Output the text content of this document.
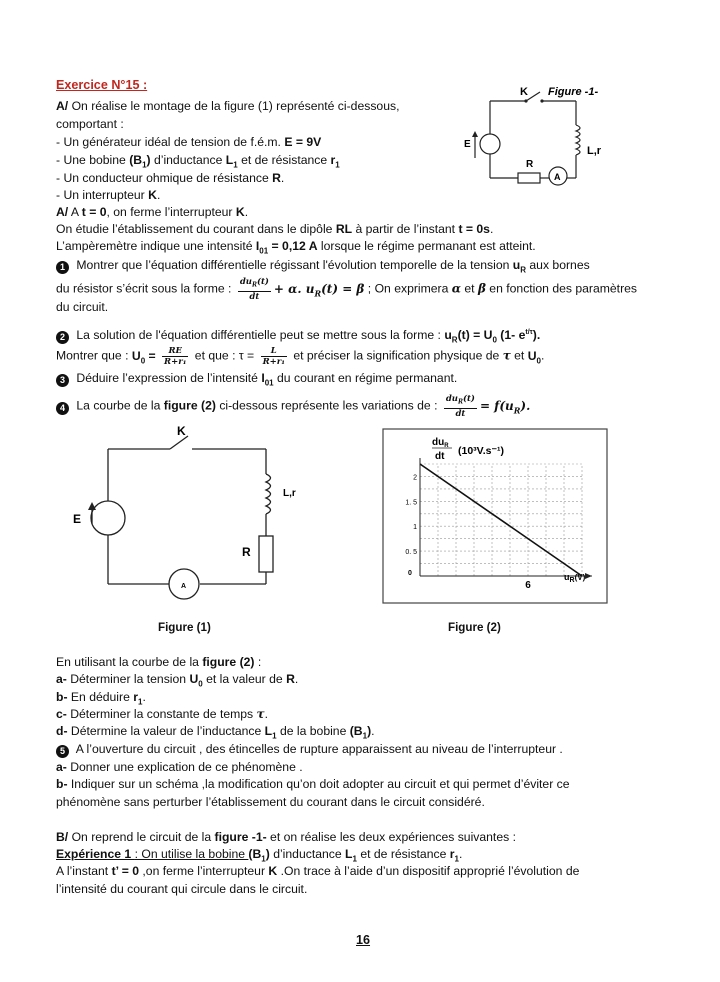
Exercice N°15 :
A/ On réalise le montage de la figure (1) représenté ci-dessous,
comportant :
- Un générateur idéal de tension de f.é.m. E = 9V
- Une bobine $(B_1)$ d’inductance $L_1$ et de résistance $r_1$
- Un conducteur ohmique de résistance R.
- Un interrupteur K.
A/ A t = 0, on ferme l’interrupteur K.
On étudie l’établissement du courant dans le dipôle RL à partir de l’instant t = 0s.
L’ampèremètre indique une intensité $I_{01} = 0,12$ A lorsque le régime permanant est atteint.
1 Montrer que l’équation différentielle régissant l'évolution temporelle de la tension $u_R$ aux bornes
du résistor s’écrit sous la forme : $\frac{du_R(t)}{dt} + \alpha$. $u_R(t) = \beta$ ; On exprimera α et β en fonction des paramètres
du circuit.
2 La solution de l'équation différentielle peut se mettre sous la forme : $u_R(t) = U_0$ (1- $e^{t/\tau}$).
Montrer que : $U_0 = \frac{RE}{\text{R+r₁}}$ et que : $\tau = \frac{L}{\text{R+r₁}}$ et préciser la signification physique de τ et $U_0$.
3 Déduire l’expression de l’intensité $I_{01}$ du courant en régime permanant.
4 La courbe de la figure (2) ci-dessous représente les variations de : $\frac{du_R(t)}{dt} = f(u_R)$.
K Figure -1-
E
R
A
L,r
K
E
R
L,r
A
Figure (1)
$du_R$
dt (10³V.s⁻¹)
$u_R(V)$
0. 5
1
1. 5
2
0
6
Figure (2)
En utilisant la courbe de la figure (2) :
a- Déterminer la tension $U_0$ et la valeur de R.
b- En déduire $r_1$.
c- Déterminer la constante de temps τ.
d- Détermine la valeur de l’inductance $L_1$ de la bobine $(B_1)$.
5 A l’ouverture du circuit , des étincelles de rupture apparaissent au niveau de l’interrupteur .
a- Donner une explication de ce phénomène .
b- Indiquer sur un schéma ,la modification qu’on doit adopter au circuit et qui permet d’éviter ce
phénomène sans perturber l’établissement du courant dans le circuit considéré.
B/ On reprend le circuit de la figure -1- et on réalise les deux expériences suivantes :
Expérience 1 : On utilise la bobine $(B_1)$ d’inductance $L_1$ et de résistance $r_1$.
A l’instant t’ = 0 ,on ferme l’interrupteur K .On trace à l’aide d’un dispositif approprié l’évolution de
l’intensité du courant qui circule dans le circuit.
16
